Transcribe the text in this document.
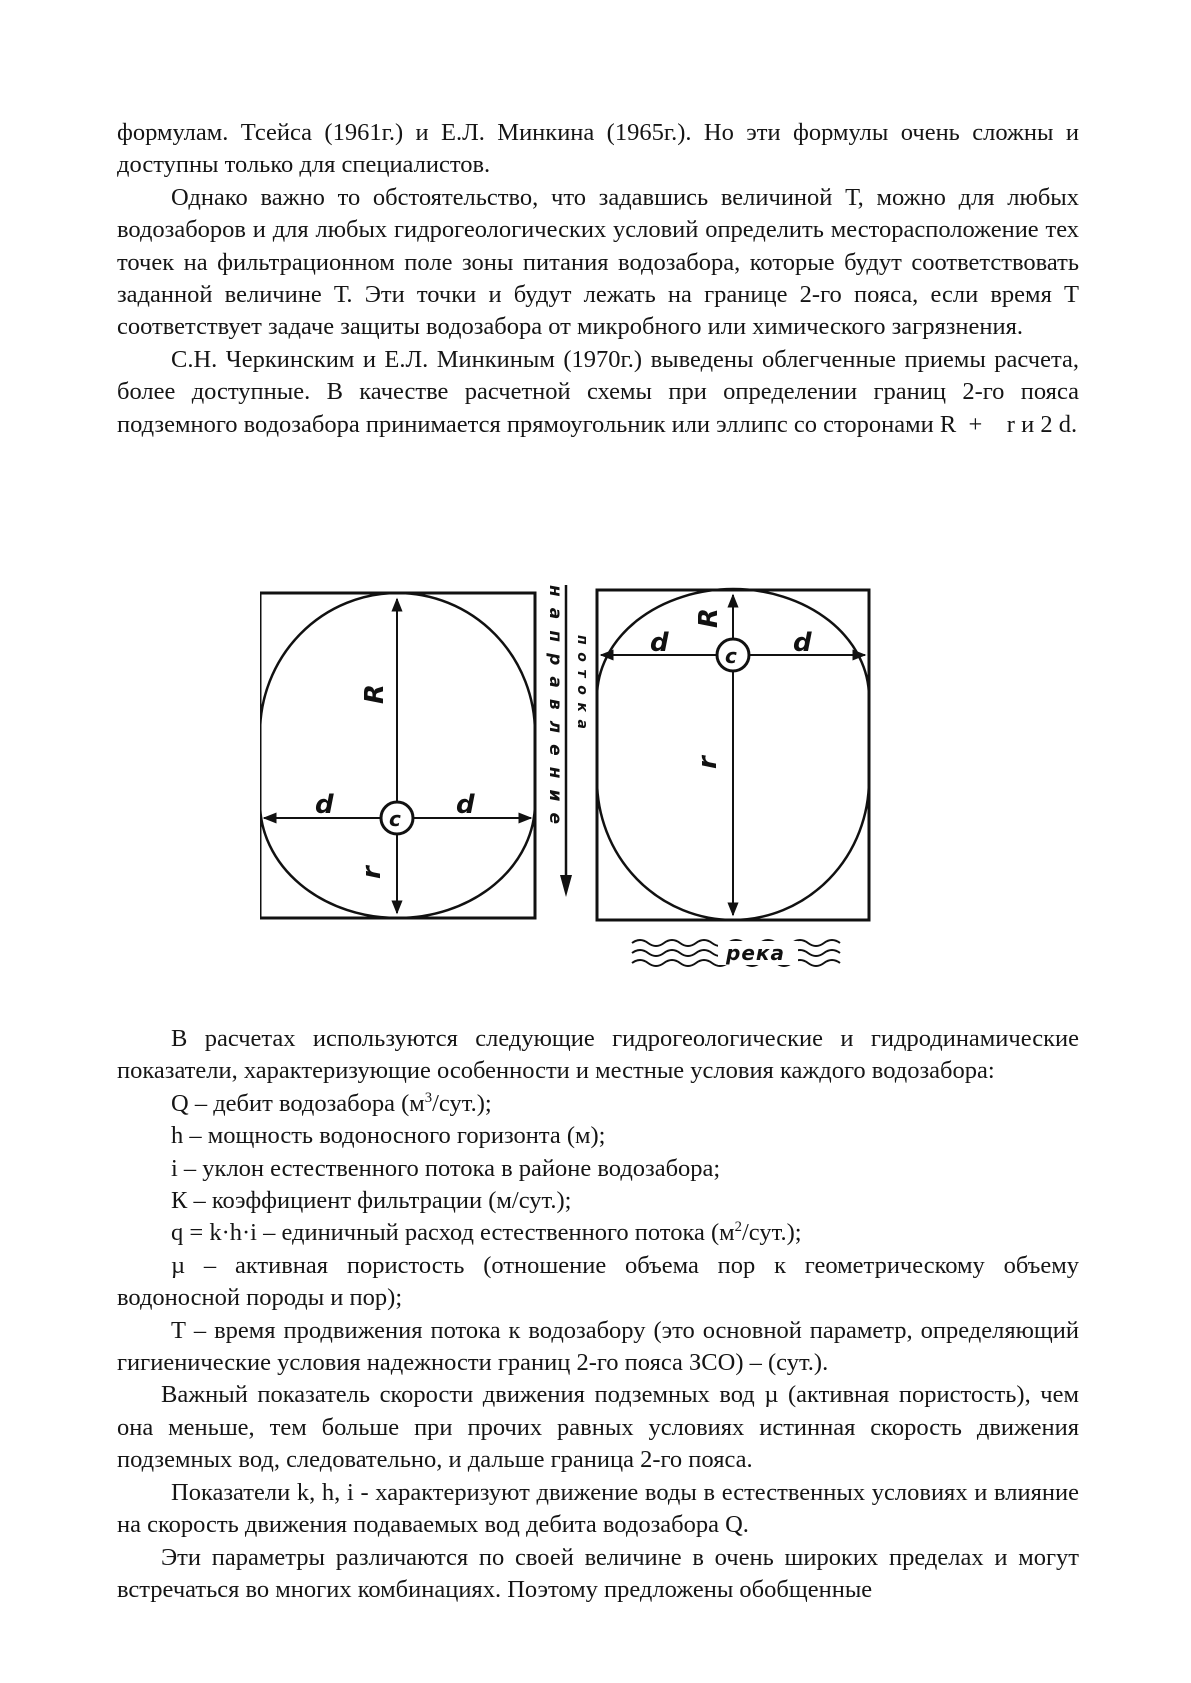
формулам. Тсейса (1961г.) и Е.Л. Минкина (1965г.). Но эти формулы очень сложны и доступны только для специалистов.

Однако важно то обстоятельство, что задавшись величиной Т, можно для любых водозаборов и для любых гидрогеологических условий определить месторасположение тех точек на фильтрационном поле зоны питания водозабора, которые будут соответствовать заданной величине Т. Эти точки и будут лежать на границе 2-го пояса, если время Т соответствует задаче защиты водозабора от микробного или химического загрязнения.

С.Н. Черкинским и Е.Л. Минкиным (1970г.) выведены облегченные приемы расчета, более доступные. В качестве расчетной схемы при определении границ 2-го пояса подземного водозабора принимается прямоугольник или эллипс со сторонами R  +    r и 2 d.

R
d	d
r
c
направление
потока
R
d	d
r
c
река

В расчетах используются следующие гидрогеологические и гидродинамические показатели, характеризующие особенности и местные условия каждого водозабора:

Q – дебит водозабора $(м^3/сут.)$;

h – мощность водоносного горизонта (м);

i – уклон естественного потока в районе водозабора;

К – коэффициент фильтрации (м/сут.);

q = k·h·i – единичный расход естественного потока $(м^2/сут.)$;

µ – активная пористость (отношение объема пор к геометрическому объему водоносной породы и пор);

Т – время продвижения потока к водозабору (это основной параметр, определяющий гигиенические условия надежности границ 2-го пояса ЗСО) – (сут.).

Важный показатель скорости движения подземных вод µ (активная пористость), чем она меньше, тем больше при прочих равных условиях истинная скорость движения подземных вод, следовательно, и дальше граница 2-го пояса.

Показатели k, h, i - характеризуют движение воды в естественных условиях и влияние на скорость движения подаваемых вод дебита водозабора Q.

Эти параметры различаются по своей величине в очень широких пределах и могут встречаться во многих комбинациях. Поэтому предложены обобщенные
